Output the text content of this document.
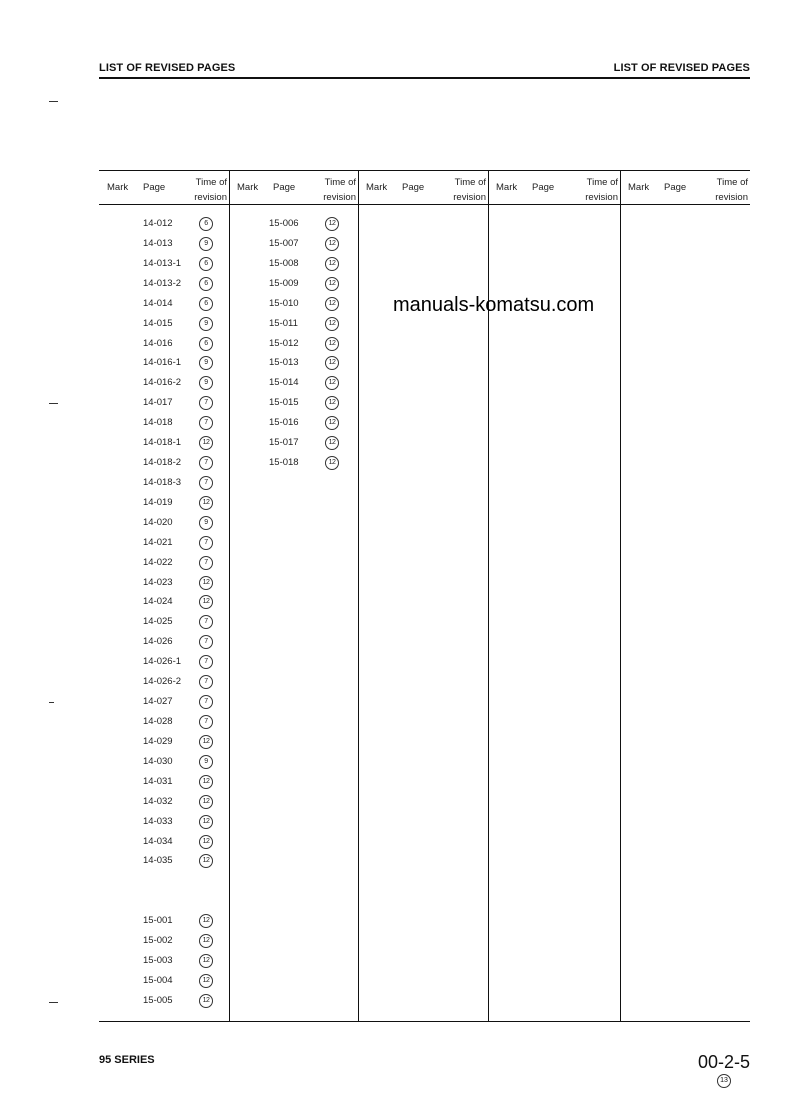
LIST OF REVISED PAGES	LIST OF REVISED PAGES
Mark Page	Time of
revision
Mark Page	Time of
revision
Mark Page	Time of
revision
Mark Page	Time of
revision
Mark Page	Time of
revision
14-012	6
14-013	9
14-013-1	6
14-013-2	6
14-014	6
14-015	9
14-016	6
14-016-1	9
14-016-2	9
14-017	7
14-018	7
14-018-1	12
14-018-2	7
14-018-3	7
14-019	12
14-020	9
14-021	7
14-022	7
14-023	12
14-024	12
14-025	7
14-026	7
14-026-1	7
14-026-2	7
14-027	7
14-028	7
14-029	12
14-030	9
14-031	12
14-032	12
14-033	12
14-034	12
14-035	12
15-001	12
15-002	12
15-003	12
15-004	12
15-005	12
15-006	12
15-007	12
15-008	12
15-009	12
15-010	12
15-011	12
15-012	12
15-013	12
15-014	12
15-015	12
15-016	12
15-017	12
15-018	12
manuals-komatsu.com
95 SERIES	00-2-5
13
